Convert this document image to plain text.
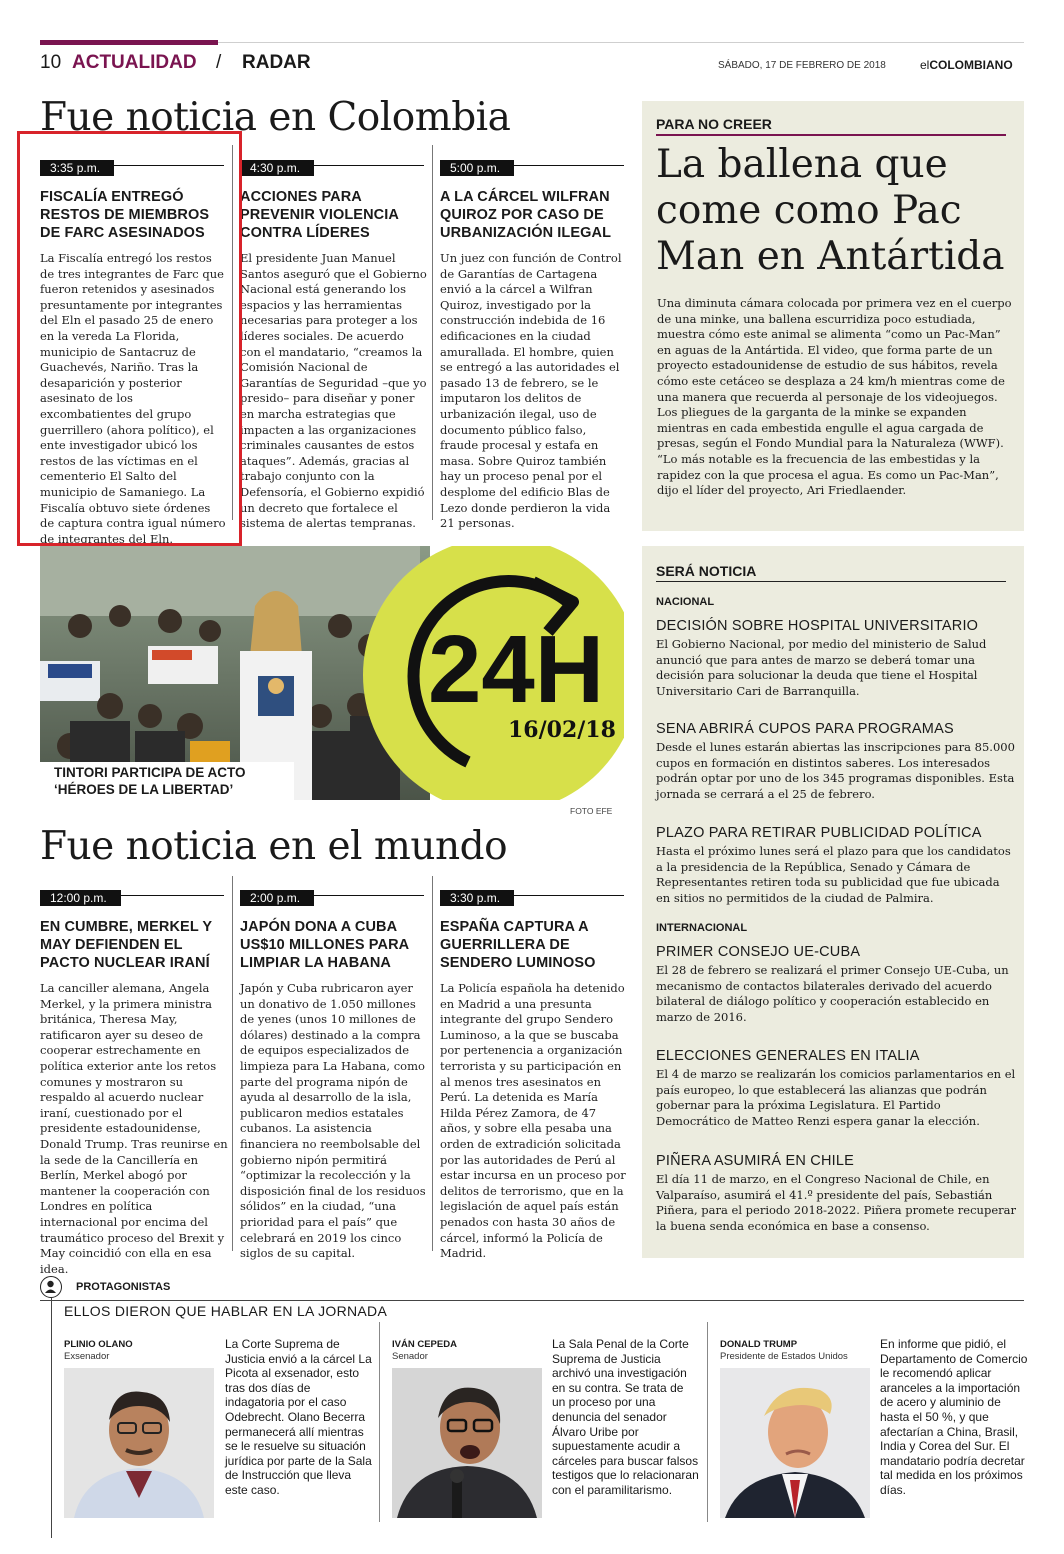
10 ACTUALIDAD / RADAR	SÁBADO, 17 DE FEBRERO DE 2018	elCOLOMBIANO
Fue noticia en Colombia
3:35 p.m.
FISCALÍA ENTREGÓ RESTOS DE MIEMBROS DE FARC ASESINADOS
La Fiscalía entregó los restos de tres integrantes de Farc que fueron retenidos y asesinados presuntamente por integrantes del Eln el pasado 25 de enero en la vereda La Florida, municipio de Santacruz de Guachevés, Nariño. Tras la desaparición y posterior asesinato de los excombatientes del grupo guerrillero (ahora político), el ente investigador ubicó los restos de las víctimas en el cementerio El Salto del municipio de Samaniego. La Fiscalía obtuvo siete órdenes de captura contra igual número de integrantes del Eln.
4:30 p.m.
ACCIONES PARA PREVENIR VIOLENCIA CONTRA LÍDERES
El presidente Juan Manuel Santos aseguró que el Gobierno Nacional está generando los espacios y las herramientas necesarias para proteger a los líderes sociales. De acuerdo con el mandatario, “creamos la Comisión Nacional de Garantías de Seguridad –que yo presido– para diseñar y poner en marcha estrategias que impacten a las organizaciones criminales causantes de estos ataques”. Además, gracias al trabajo conjunto con la Defensoría, el Gobierno expidió un decreto que fortalece el sistema de alertas tempranas.
5:00 p.m.
A LA CÁRCEL WILFRAN QUIROZ POR CASO DE URBANIZACIÓN ILEGAL
Un juez con función de Control de Garantías de Cartagena envió a la cárcel a Wilfran Quiroz, investigado por la construcción indebida de 16 edificaciones en la ciudad amurallada. El hombre, quien se entregó a las autoridades el pasado 13 de febrero, se le imputaron los delitos de urbanización ilegal, uso de documento público falso, fraude procesal y estafa en masa. Sobre Quiroz también hay un proceso penal por el desplome del edificio Blas de Lezo donde perdieron la vida 21 personas.
PARA NO CREER
La ballena que come como Pac Man en Antártida
Una diminuta cámara colocada por primera vez en el cuerpo de una minke, una ballena escurridiza poco estudiada, muestra cómo este animal se alimenta “como un Pac-Man” en aguas de la Antártida. El video, que forma parte de un proyecto estadounidense de estudio de sus hábitos, revela cómo este cetáceo se desplaza a 24 km/h mientras come de una manera que recuerda al personaje de los videojuegos. Los pliegues de la garganta de la minke se expanden mientras en cada embestida engulle el agua cargada de presas, según el Fondo Mundial para la Naturaleza (WWF). “Lo más notable es la frecuencia de las embestidas y la rapidez con la que procesa el agua. Es como un Pac-Man”, dijo el líder del proyecto, Ari Friedlaender.
24H
16/02/18
TINTORI PARTICIPA DE ACTO
‘HÉROES DE LA LIBERTAD’
FOTO EFE
SERÁ NOTICIA
NACIONAL
DECISIÓN SOBRE HOSPITAL UNIVERSITARIO
El Gobierno Nacional, por medio del ministerio de Salud anunció que para antes de marzo se deberá tomar una decisión para solucionar la deuda que tiene el Hospital Universitario Cari de Barranquilla.
SENA ABRIRÁ CUPOS PARA PROGRAMAS
Desde el lunes estarán abiertas las inscripciones para 85.000 cupos en formación en distintos saberes. Los interesados podrán optar por uno de los 345 programas disponibles. Esta jornada se cerrará a el 25 de febrero.
PLAZO PARA RETIRAR PUBLICIDAD POLÍTICA
Hasta el próximo lunes será el plazo para que los candidatos a la presidencia de la República, Senado y Cámara de Representantes retiren toda su publicidad que fue ubicada en sitios no permitidos de la ciudad de Palmira.
INTERNACIONAL
PRIMER CONSEJO UE-CUBA
El 28 de febrero se realizará el primer Consejo UE-Cuba, un mecanismo de contactos bilaterales derivado del acuerdo bilateral de diálogo político y cooperación establecido en marzo de 2016.
ELECCIONES GENERALES EN ITALIA
El 4 de marzo se realizarán los comicios parlamentarios en el país europeo, lo que establecerá las alianzas que podrán gobernar para la próxima Legislatura. El Partido Democrático de Matteo Renzi espera ganar la elección.
PIÑERA ASUMIRÁ EN CHILE
El día 11 de marzo, en el Congreso Nacional de Chile, en Valparaíso, asumirá el 41.º presidente del país, Sebastián Piñera, para el periodo 2018-2022. Piñera promete recuperar la buena senda económica en base a consenso.
Fue noticia en el mundo
12:00 p.m.
EN CUMBRE, MERKEL Y MAY DEFIENDEN EL PACTO NUCLEAR IRANÍ
La canciller alemana, Angela Merkel, y la primera ministra británica, Theresa May, ratificaron ayer su deseo de cooperar estrechamente en política exterior ante los retos comunes y mostraron su respaldo al acuerdo nuclear iraní, cuestionado por el presidente estadounidense, Donald Trump. Tras reunirse en la sede de la Cancillería en Berlín, Merkel abogó por mantener la cooperación con Londres en política internacional por encima del traumático proceso del Brexit y May coincidió con ella en esa idea.
2:00 p.m.
JAPÓN DONA A CUBA US$10 MILLONES PARA LIMPIAR LA HABANA
Japón y Cuba rubricaron ayer un donativo de 1.050 millones de yenes (unos 10 millones de dólares) destinado a la compra de equipos especializados de limpieza para La Habana, como parte del programa nipón de ayuda al desarrollo de la isla, publicaron medios estatales cubanos. La asistencia financiera no reembolsable del gobierno nipón permitirá “optimizar la recolección y la disposición final de los residuos sólidos” en la ciudad, “una prioridad para el país” que celebrará en 2019 los cinco siglos de su capital.
3:30 p.m.
ESPAÑA CAPTURA A GUERRILLERA DE SENDERO LUMINOSO
La Policía española ha detenido en Madrid a una presunta integrante del grupo Sendero Luminoso, a la que se buscaba por pertenencia a organización terrorista y su participación en al menos tres asesinatos en Perú. La detenida es María Hilda Pérez Zamora, de 47 años, y sobre ella pesaba una orden de extradición solicitada por las autoridades de Perú al estar incursa en un proceso por delitos de terrorismo, que en la legislación de aquel país están penados con hasta 30 años de cárcel, informó la Policía de Madrid.
PROTAGONISTAS
ELLOS DIERON QUE HABLAR EN LA JORNADA
PLINIO OLANO
Exsenador
La Corte Suprema de Justicia envió a la cárcel La Picota al exsenador, esto tras dos días de indagatoria por el caso Odebrecht. Olano Becerra permanecerá allí mientras se le resuelve su situación jurídica por parte de la Sala de Instrucción que lleva este caso.
IVÁN CEPEDA
Senador
La Sala Penal de la Corte Suprema de Justicia archivó una investigación en su contra. Se trata de un proceso por una denuncia del senador Álvaro Uribe por supuestamente acudir a cárceles para buscar falsos testigos que lo relacionaran con el paramilitarismo.
DONALD TRUMP
Presidente de Estados Unidos
En informe que pidió, el Departamento de Comercio le recomendó aplicar aranceles a la importación de acero y aluminio de hasta el 50 %, y que afectarían a China, Brasil, India y Corea del Sur. El mandatario podría decretar tal medida en los próximos días.
